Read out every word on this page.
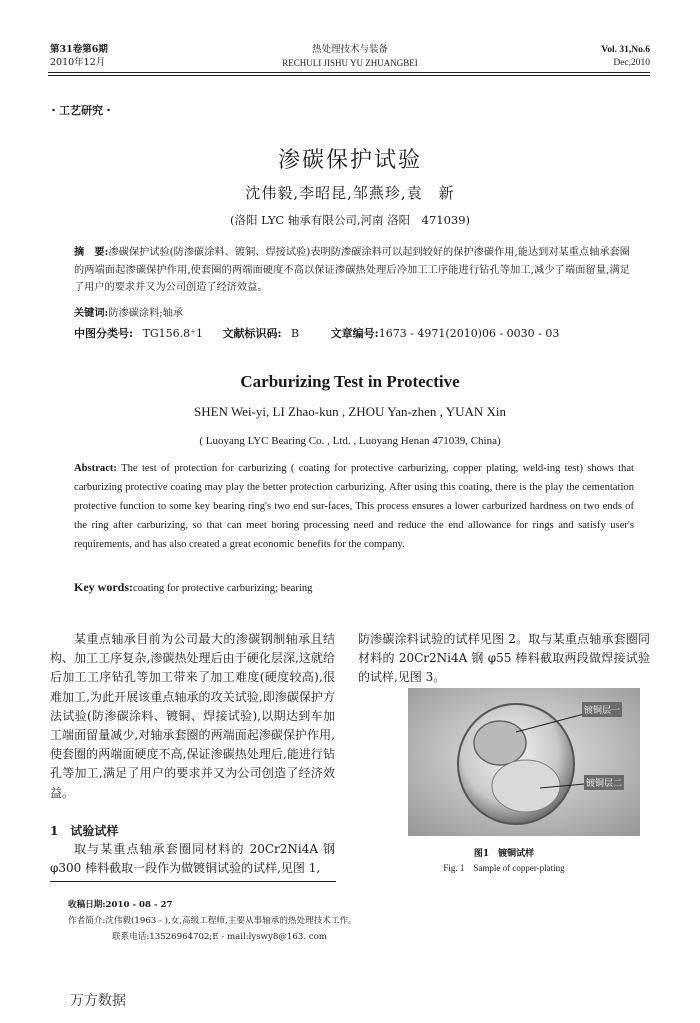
第31卷第6期
2010年12月
热处理技术与装备
RECHULI JISHU YU ZHUANGBEI
Vol. 31,No.6
Dec,2010
・工艺研究・
渗碳保护试验
沈伟毅,李昭昆,邹燕珍,袁　新
(洛阳 LYC 轴承有限公司,河南 洛阳　471039)
摘　要:渗碳保护试验(防渗碳涂料、镀铜、焊接试验)表明防渗碳涂料可以起到较好的保护渗碳作用,能达到对某重点轴承套圈的两端面起渗碳保护作用,使套圈的两端面硬度不高以保证渗碳热处理后冷加工工序能进行钻孔等加工,减少了端面留量,满足了用户的要求并又为公司创造了经济效益。
关键词:防渗碳涂料;轴承
中图分类号: TG156.8⁺1 文献标识码: B	文章编号:1673 - 4971(2010)06 - 0030 - 03
Carburizing Test in Protective
SHEN Wei-yi, LI Zhao-kun , ZHOU Yan-zhen , YUAN Xin
( Luoyang LYC Bearing Co. , Ltd. , Luoyang Henan 471039, China)
Abstract: The test of protection for carburizing ( coating for protective carburizing, copper plating, weld-ing test) shows that carburizing protective coating may play the better protection carburizing. After using this coating, there is the play the cementation protective function to some key bearing ring's two end sur-faces, This process ensures a lower carburized hardness on two ends of the ring after carburizing, so that can meet boring processing need and reduce the end allowance for rings and satisfy user's requirements, and has also created a great economic benefits for the company.
Key words:coating for protective carburizing; bearing

某重点轴承目前为公司最大的渗碳钢制轴承且结构、加工工序复杂,渗碳热处理后由于硬化层深,这就给后加工工序钻孔等加工带来了加工难度(硬度较高),很难加工,为此开展该重点轴承的攻关试验,即渗碳保护方法试验(防渗碳涂料、镀铜、焊接试验),以期达到车加工端面留量减少,对轴承套圈的两端面起渗碳保护作用,使套圈的两端面硬度不高,保证渗碳热处理后,能进行钻孔等加工,满足了用户的要求并又为公司创造了经济效益。

1　试验试样

取与某重点轴承套圈同材料的 20Cr2Ni4A 钢 φ300 棒料截取一段作为做镀铜试验的试样,见图 1,

防渗碳涂料试验的试样见图 2。取与某重点轴承套圈同材料的 20Cr2Ni4A 钢 φ55 棒料截取两段做焊接试验的试样,见图 3。

镀铜层一
镀铜层二
图1　镀铜试样
Fig. 1　Sample of copper-plating
收稿日期:2010 - 08 - 27
作者简介:沈伟毅(1963 - ),女,高级工程师,主要从事轴承的热处理技术工作。
联系电话:13526964702;E - mail:lyswy8@163. com
万方数据
